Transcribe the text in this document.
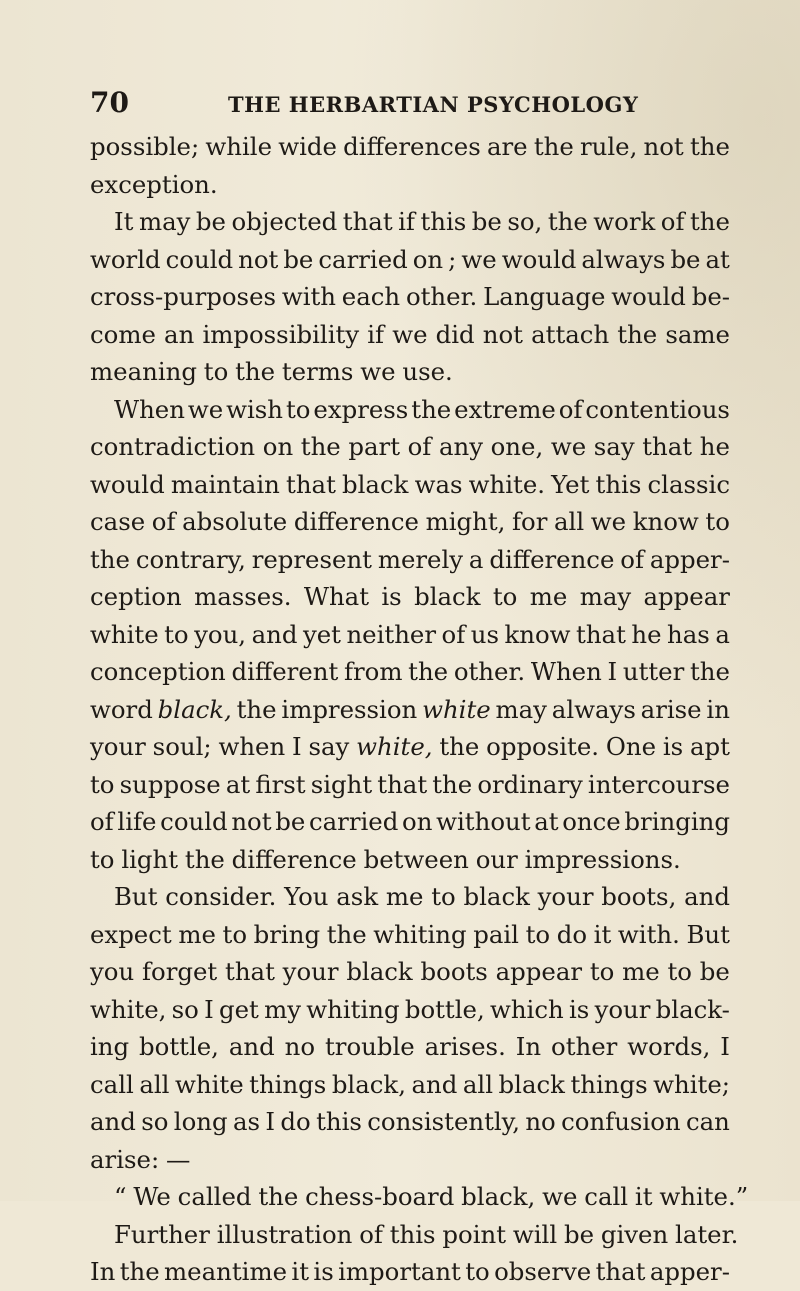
70	THE HERBARTIAN PSYCHOLOGY
possible; while wide differences are the rule, not the
exception.
It may be objected that if this be so, the work of the
world could not be carried on ; we would always be at
cross-purposes with each other. Language would be-
come an impossibility if we did not attach the same
meaning to the terms we use.
When we wish to express the extreme of contentious
contradiction on the part of any one, we say that he
would maintain that black was white. Yet this classic
case of absolute difference might, for all we know to
the contrary, represent merely a difference of apper-
ception masses. What is black to me may appear
white to you, and yet neither of us know that he has a
conception different from the other. When I utter the
word black, the impression white may always arise in
your soul; when I say white, the opposite. One is apt
to suppose at first sight that the ordinary intercourse
of life could not be carried on without at once bringing
to light the difference between our impressions.
But consider. You ask me to black your boots, and
expect me to bring the whiting pail to do it with. But
you forget that your black boots appear to me to be
white, so I get my whiting bottle, which is your black-
ing bottle, and no trouble arises. In other words, I
call all white things black, and all black things white;
and so long as I do this consistently, no confusion can
arise: —
“ We called the chess-board black, we call it white.”
Further illustration of this point will be given later.
In the meantime it is important to observe that apper-
